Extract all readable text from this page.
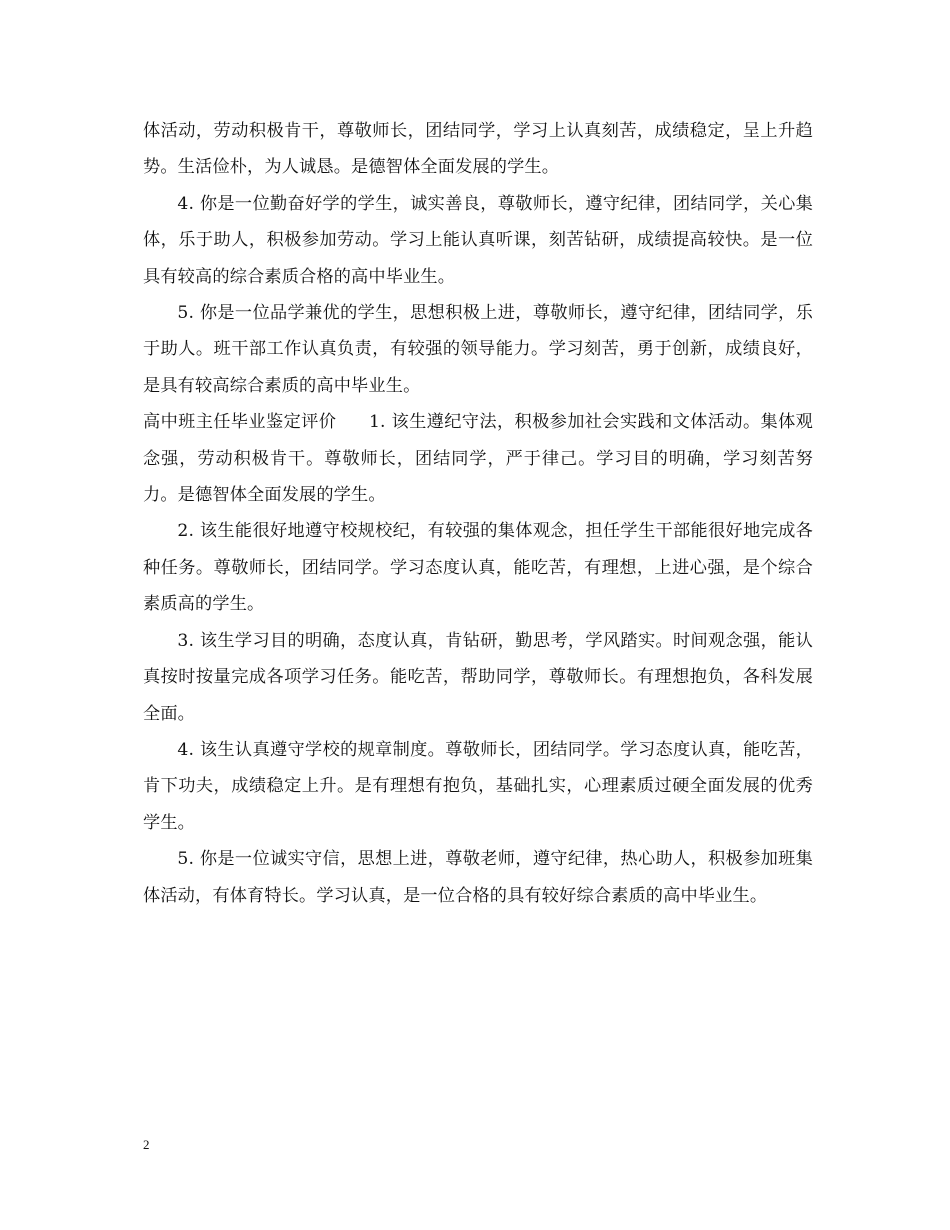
体活动，劳动积极肯干，尊敬师长，团结同学，学习上认真刻苦，成绩稳定，呈上升趋势。生活俭朴，为人诚恳。是德智体全面发展的学生。

4. 你是一位勤奋好学的学生，诚实善良，尊敬师长，遵守纪律，团结同学，关心集体，乐于助人，积极参加劳动。学习上能认真听课，刻苦钻研，成绩提高较快。是一位具有较高的综合素质合格的高中毕业生。

5. 你是一位品学兼优的学生，思想积极上进，尊敬师长，遵守纪律，团结同学，乐于助人。班干部工作认真负责，有较强的领导能力。学习刻苦，勇于创新，成绩良好，是具有较高综合素质的高中毕业生。

高中班主任毕业鉴定评价 1. 该生遵纪守法，积极参加社会实践和文体活动。集体观念强，劳动积极肯干。尊敬师长，团结同学，严于律己。学习目的明确，学习刻苦努力。是德智体全面发展的学生。

2. 该生能很好地遵守校规校纪，有较强的集体观念，担任学生干部能很好地完成各种任务。尊敬师长，团结同学。学习态度认真，能吃苦，有理想，上进心强，是个综合素质高的学生。

3. 该生学习目的明确，态度认真，肯钻研，勤思考，学风踏实。时间观念强，能认真按时按量完成各项学习任务。能吃苦，帮助同学，尊敬师长。有理想抱负，各科发展全面。

4. 该生认真遵守学校的规章制度。尊敬师长，团结同学。学习态度认真，能吃苦，肯下功夫，成绩稳定上升。是有理想有抱负，基础扎实，心理素质过硬全面发展的优秀学生。

5. 你是一位诚实守信，思想上进，尊敬老师，遵守纪律，热心助人，积极参加班集体活动，有体育特长。学习认真，是一位合格的具有较好综合素质的高中毕业生。

2
